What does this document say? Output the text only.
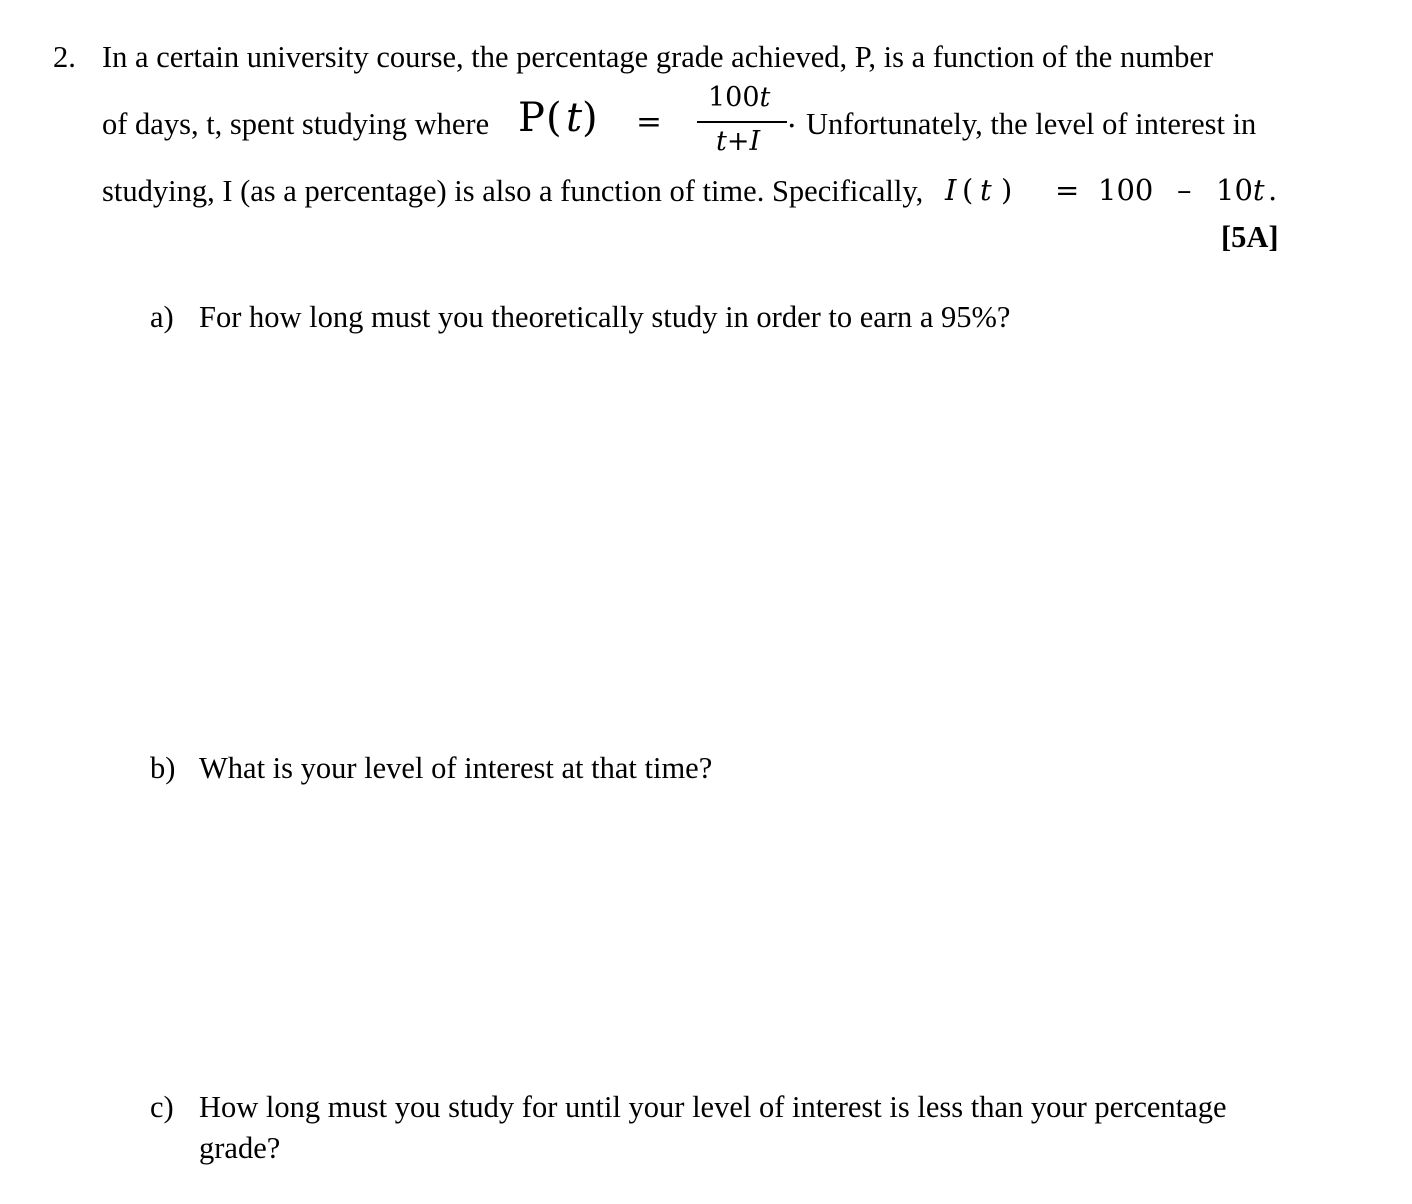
2. In a certain university course, the percentage grade achieved, P, is a function of the number
of days, t, spent studying where P ( t ) =
100t
t+I
. Unfortunately, the level of interest in
studying, I (as a percentage) is also a function of time. Specifically, I ( t ) = 100 – 10t .
[5A]
a) For how long must you theoretically study in order to earn a 95%?
b) What is your level of interest at that time?
c) How long must you study for until your level of interest is less than your percentage
grade?
